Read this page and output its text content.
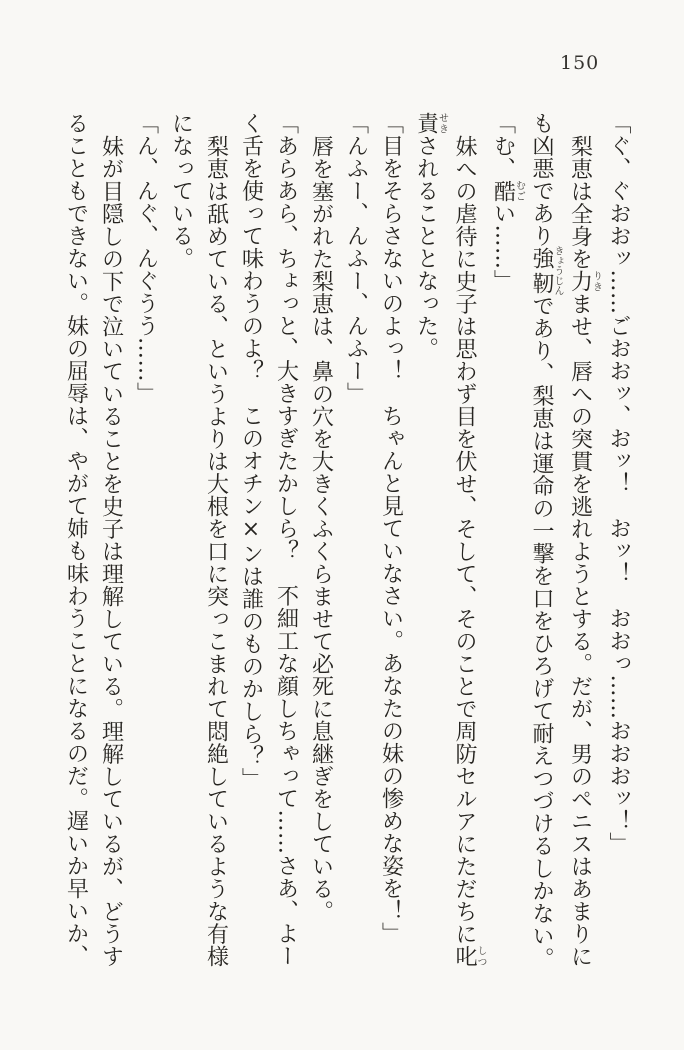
150
「ぐ、ぐおおッ……ごおおッ、おッ！　おッ！　おおっ……おおおッ！」
梨恵は全身を力りきませ、唇への突貫を逃れようとする。だが、男のペニスはあまりに
も凶悪であり強靭きょうじんであり、梨恵は運命の一撃を口をひろげて耐えつづけるしかない。
「む、酷むごい……」
妹への虐待に史子は思わず目を伏せ、そして、そのことで周防セルアにただちに叱しつ
責せきされることとなった。
「目をそらさないのよっ！　ちゃんと見ていなさい。あなたの妹の惨めな姿を！」
「んふー、んふー、んふー」
唇を塞がれた梨恵は、鼻の穴を大きくふくらませて必死に息継ぎをしている。
「あらあら、ちょっと、大きすぎたかしら？　不細工な顔しちゃって……さあ、よー
く舌を使って味わうのよ？　このオチン×ンは誰のものかしら？」
梨恵は舐めている、というよりは大根を口に突っこまれて悶絶しているような有様
になっている。
「ん、んぐ、んぐうう……」
妹が目隠しの下で泣いていることを史子は理解している。理解しているが、どうす
ることもできない。妹の屈辱は、やがて姉も味わうことになるのだ。遅いか早いか、
